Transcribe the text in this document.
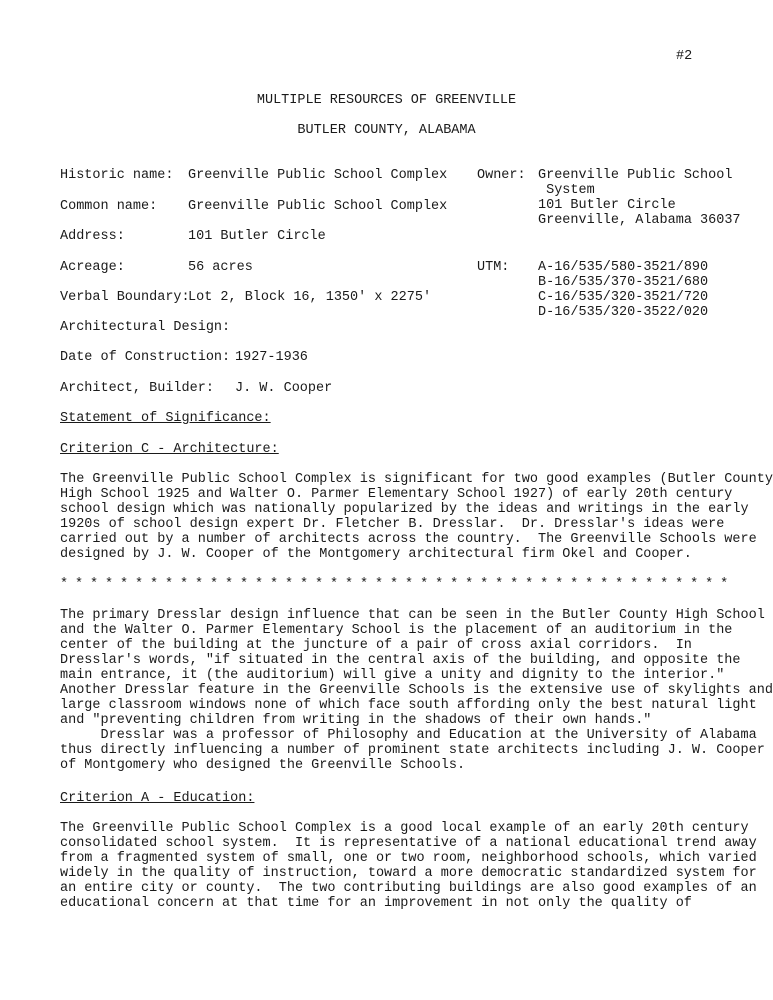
#2
MULTIPLE RESOURCES OF GREENVILLE
BUTLER COUNTY, ALABAMA
Historic name: Greenville Public School Complex
Common name: Greenville Public School Complex
Address:	101 Butler Circle
Acreage:	56 acres
Verbal Boundary:
Lot 2, Block 16, 1350' x 2275'
Architectural Design:
Date of Construction: 1927-1936
Architect, Builder: J. W. Cooper
Owner: Greenville Public School
System
101 Butler Circle
Greenville, Alabama 36037
UTM: A-16/535/580-3521/890
B-16/535/370-3521/680
C-16/535/320-3521/720
D-16/535/320-3522/020
Statement of Significance:
Criterion C - Architecture:
The Greenville Public School Complex is significant for two good examples (Butler County
High School 1925 and Walter O. Parmer Elementary School 1927) of early 20th century
school design which was nationally popularized by the ideas and writings in the early
1920s of school design expert Dr. Fletcher B. Dresslar.  Dr. Dresslar's ideas were
carried out by a number of architects across the country.  The Greenville Schools were
designed by J. W. Cooper of the Montgomery architectural firm Okel and Cooper.
* * * * * * * * * * * * * * * * * * * * * * * * * * * * * * * * * * * * * * * * * * * * *
The primary Dresslar design influence that can be seen in the Butler County High School
and the Walter O. Parmer Elementary School is the placement of an auditorium in the
center of the building at the juncture of a pair of cross axial corridors.  In
Dresslar's words, "if situated in the central axis of the building, and opposite the
main entrance, it (the auditorium) will give a unity and dignity to the interior."
Another Dresslar feature in the Greenville Schools is the extensive use of skylights and
large classroom windows none of which face south affording only the best natural light
and "preventing children from writing in the shadows of their own hands."
Dresslar was a professor of Philosophy and Education at the University of Alabama
thus directly influencing a number of prominent state architects including J. W. Cooper
of Montgomery who designed the Greenville Schools.
Criterion A - Education:
The Greenville Public School Complex is a good local example of an early 20th century
consolidated school system.  It is representative of a national educational trend away
from a fragmented system of small, one or two room, neighborhood schools, which varied
widely in the quality of instruction, toward a more democratic standardized system for
an entire city or county.  The two contributing buildings are also good examples of an
educational concern at that time for an improvement in not only the quality of
